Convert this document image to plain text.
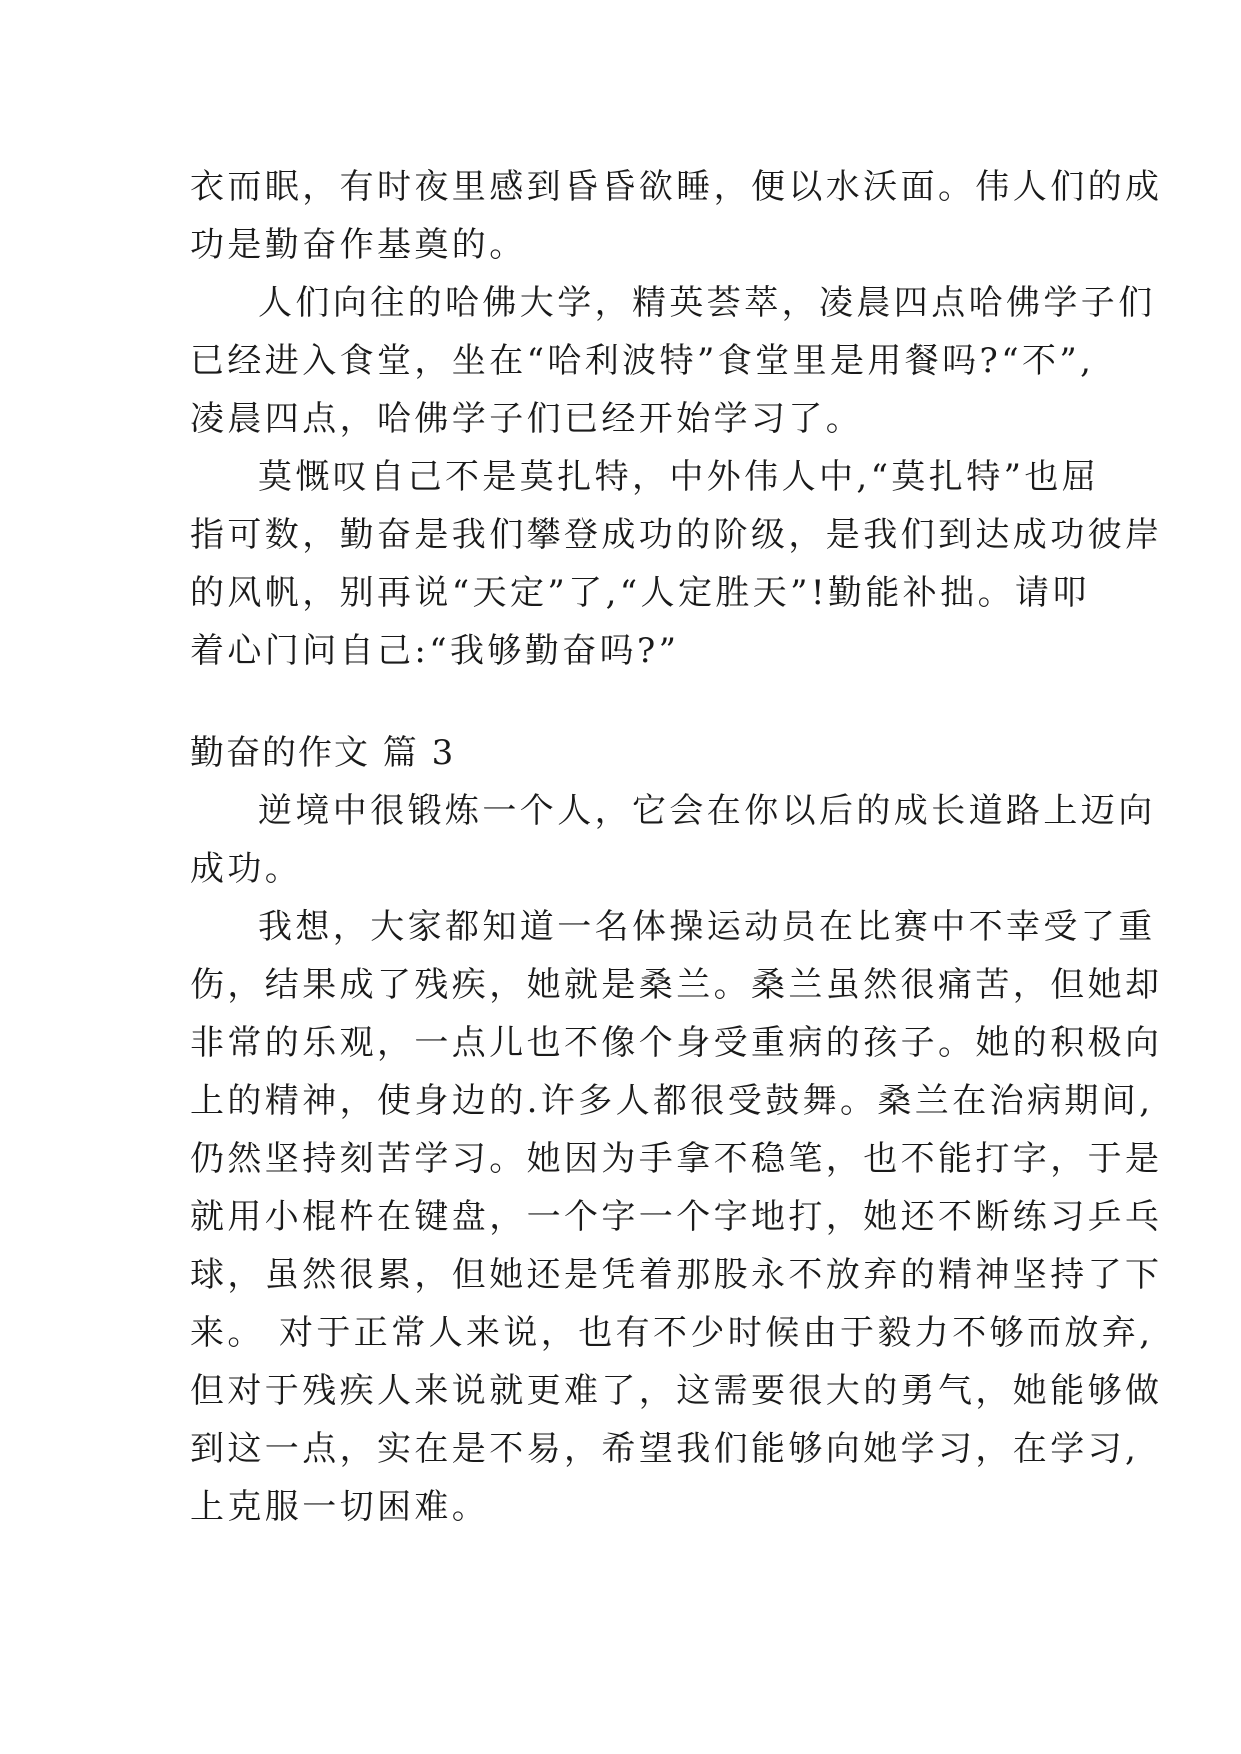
衣而眠，有时夜里感到昏昏欲睡，便以水沃面。伟人们的成
功是勤奋作基奠的。
人们向往的哈佛大学，精英荟萃，凌晨四点哈佛学子们
已经进入食堂，坐在“哈利波特”食堂里是用餐吗?“不”,
凌晨四点，哈佛学子们已经开始学习了。
莫慨叹自己不是莫扎特，中外伟人中,“莫扎特”也屈
指可数，勤奋是我们攀登成功的阶级，是我们到达成功彼岸
的风帆，别再说“天定”了,“人定胜天”!勤能补拙。请叩
着心门问自己:“我够勤奋吗?”
勤奋的作文 篇 3
逆境中很锻炼一个人，它会在你以后的成长道路上迈向
成功。
我想，大家都知道一名体操运动员在比赛中不幸受了重
伤，结果成了残疾，她就是桑兰。桑兰虽然很痛苦，但她却
非常的乐观，一点儿也不像个身受重病的孩子。她的积极向
上的精神，使身边的.许多人都很受鼓舞。桑兰在治病期间,
仍然坚持刻苦学习。她因为手拿不稳笔，也不能打字，于是
就用小棍杵在键盘，一个字一个字地打，她还不断练习乒乓
球，虽然很累，但她还是凭着那股永不放弃的精神坚持了下
来。 对于正常人来说，也有不少时候由于毅力不够而放弃,
但对于残疾人来说就更难了，这需要很大的勇气，她能够做
到这一点，实在是不易，希望我们能够向她学习，在学习,
上克服一切困难。
